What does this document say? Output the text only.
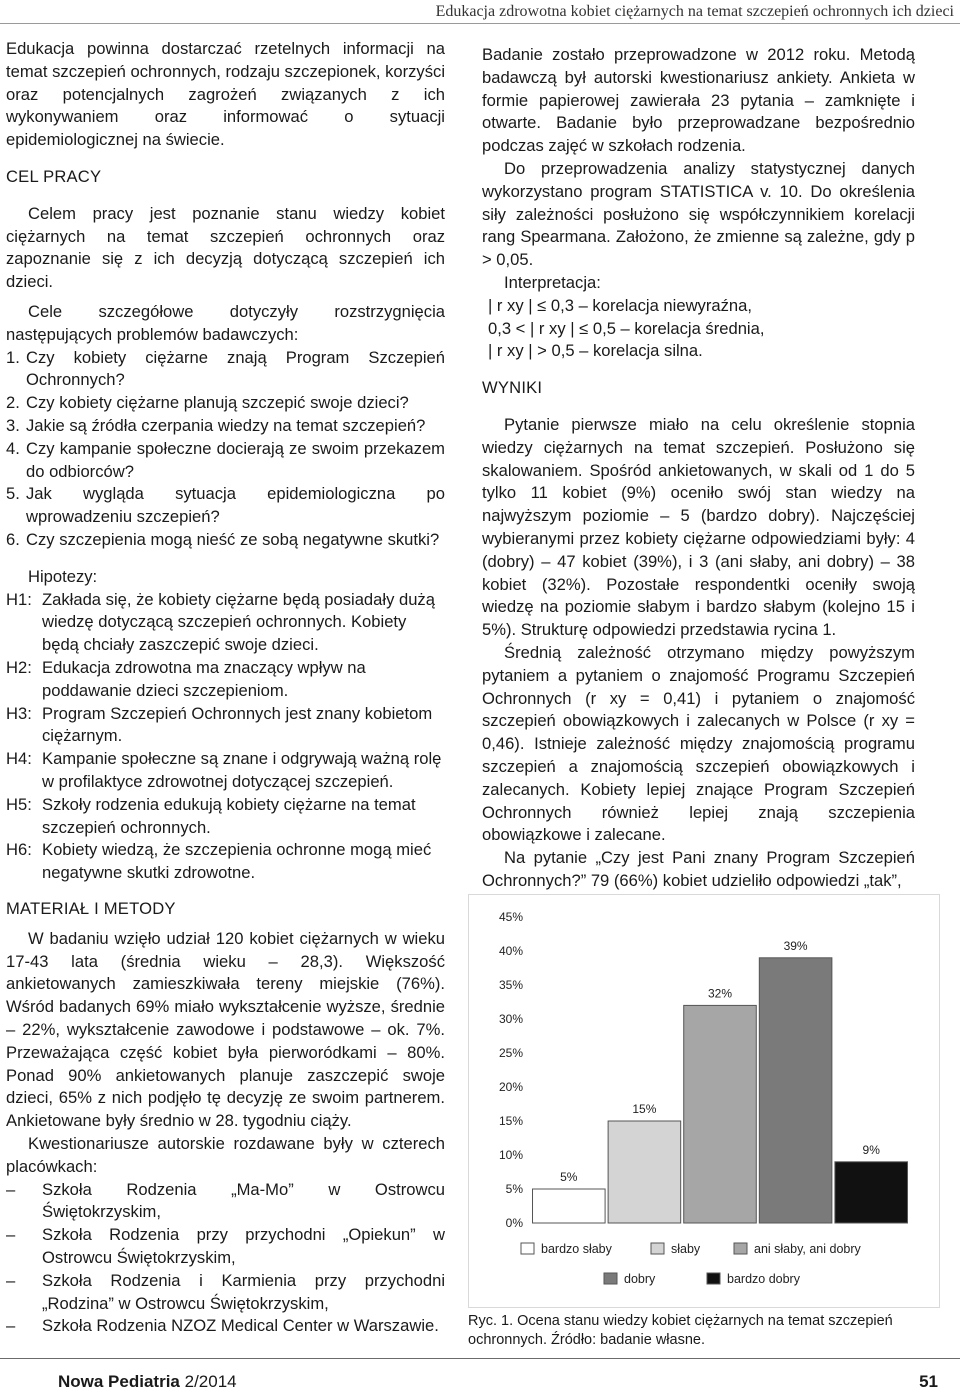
Edukacja zdrowotna kobiet ciężarnych na temat szczepień ochronnych ich dzieci

Edukacja powinna dostarczać rzetelnych informacji na temat szczepień ochronnych, rodzaju szczepionek, korzyści oraz potencjalnych zagrożeń związanych z ich wykonywaniem oraz informować o sytuacji epidemiologicznej na świecie.

CEL PRACY

Celem pracy jest poznanie stanu wiedzy kobiet ciężarnych na temat szczepień ochronnych oraz zapoznanie się z ich decyzją dotyczącą szczepień ich dzieci.

Cele szczegółowe dotyczyły rozstrzygnięcia następujących problemów badawczych:

1. Czy kobiety ciężarne znają Program Szczepień Ochronnych?
2. Czy kobiety ciężarne planują szczepić swoje dzieci?
3. Jakie są źródła czerpania wiedzy na temat szczepień?
4. Czy kampanie społeczne docierają ze swoim przekazem do odbiorców?
5. Jak wygląda sytuacja epidemiologiczna po wprowadzeniu szczepień?
6. Czy szczepienia mogą nieść ze sobą negatywne skutki?

Hipotezy:

H1: Zakłada się, że kobiety ciężarne będą posiadały dużą wiedzę dotyczącą szczepień ochronnych. Kobiety będą chciały zaszczepić swoje dzieci.
H2: Edukacja zdrowotna ma znaczący wpływ na poddawanie dzieci szczepieniom.
H3: Program Szczepień Ochronnych jest znany kobietom ciężarnym.
H4: Kampanie społeczne są znane i odgrywają ważną rolę w profilaktyce zdrowotnej dotyczącej szczepień.
H5: Szkoły rodzenia edukują kobiety ciężarne na temat szczepień ochronnych.
H6: Kobiety wiedzą, że szczepienia ochronne mogą mieć negatywne skutki zdrowotne.

MATERIAŁ I METODY

W badaniu wzięło udział 120 kobiet ciężarnych w wieku 17-43 lata (średnia wieku – 28,3). Większość ankietowanych zamieszkiwała tereny miejskie (76%). Wśród badanych 69% miało wykształcenie wyższe, średnie – 22%, wykształcenie zawodowe i podstawowe – ok. 7%. Przeważająca część kobiet była pierworódkami – 80%. Ponad 90% ankietowanych planuje zaszczepić swoje dzieci, 65% z nich podjęło tę decyzję ze swoim partnerem. Ankietowane były średnio w 28. tygodniu ciąży.

Kwestionariusze autorskie rozdawane były w czterech placówkach:

–	Szkoła Rodzenia „Ma-Mo” w Ostrowcu Świętokrzyskim,
–	Szkoła Rodzenia przy przychodni „Opiekun” w Ostrowcu Świętokrzyskim,
–	Szkoła Rodzenia i Karmienia przy przychodni „Rodzina” w Ostrowcu Świętokrzyskim,
–	Szkoła Rodzenia NZOZ Medical Center w Warszawie.

Badanie zostało przeprowadzone w 2012 roku. Metodą badawczą był autorski kwestionariusz ankiety. Ankieta w formie papierowej zawierała 23 pytania – zamknięte i otwarte. Badanie było przeprowadzane bezpośrednio podczas zajęć w szkołach rodzenia.

Do przeprowadzenia analizy statystycznej danych wykorzystano program STATISTICA v. 10. Do określenia siły zależności posłużono się współczynnikiem korelacji rang Spearmana. Założono, że zmienne są zależne, gdy p > 0,05.

Interpretacja:

| r xy | ≤ 0,3 – korelacja niewyraźna,

0,3 < | r xy | ≤ 0,5 – korelacja średnia,

| r xy | > 0,5 – korelacja silna.

WYNIKI

Pytanie pierwsze miało na celu określenie stopnia wiedzy ciężarnych na temat szczepień. Posłużono się skalowaniem. Spośród ankietowanych, w skali od 1 do 5 tylko 11 kobiet (9%) oceniło swój stan wiedzy na najwyższym poziomie – 5 (bardzo dobry). Najczęściej wybieranymi przez kobiety ciężarne odpowiedziami były: 4 (dobry) – 47 kobiet (39%), i 3 (ani słaby, ani dobry) – 38 kobiet (32%). Pozostałe respondentki oceniły swoją wiedzę na poziomie słabym i bardzo słabym (kolejno 15 i 5%). Strukturę odpowiedzi przedstawia rycina 1.

Średnią zależność otrzymano między powyższym pytaniem a pytaniem o znajomość Programu Szczepień Ochronnych (r xy = 0,41) i pytaniem o znajomość szczepień obowiązkowych i zalecanych w Polsce (r xy = 0,46). Istnieje zależność między znajomością programu szczepień a znajomością szczepień obowiązkowych i zalecanych. Kobiety lepiej znające Program Szczepień Ochronnych również lepiej znają szczepienia obowiązkowe i zalecane.

Na pytanie „Czy jest Pani znany Program Szczepień Ochronnych?” 79 (66%) kobiet udzieliło odpowiedzi „tak”,

0%
5%
10%
15%
20%
25%
30%
35%
40%
45%
5%
15%
32%
39%
9%
bardzo słaby	słaby	ani słaby, ani dobry
dobry	bardzo dobry
Ryc. 1. Ocena stanu wiedzy kobiet ciężarnych na temat szczepień ochronnych. Źródło: badanie własne.
Nowa Pediatria 2/2014	51
